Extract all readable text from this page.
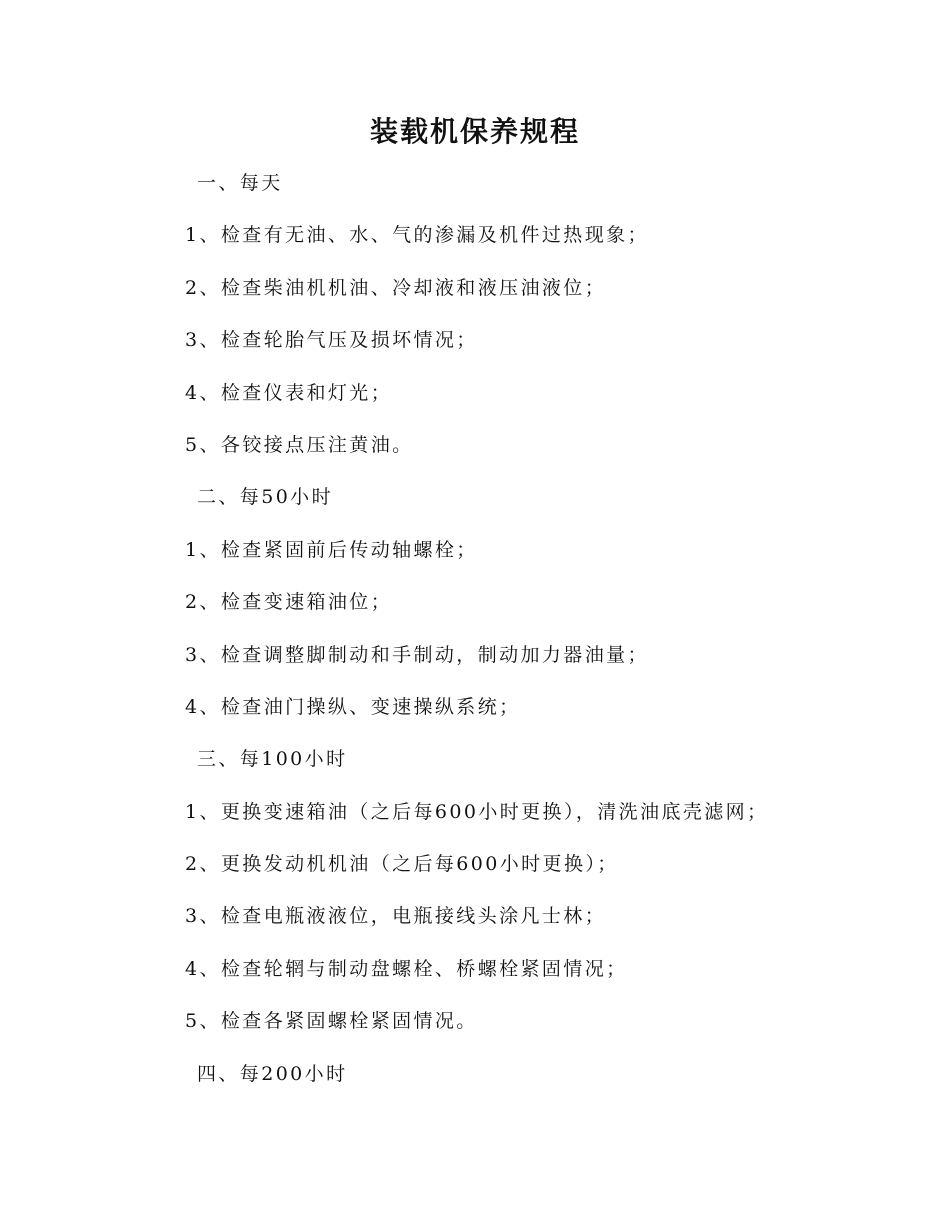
装载机保养规程
一、每天
1、检查有无油、水、气的渗漏及机件过热现象；
2、检查柴油机机油、冷却液和液压油液位；
3、检查轮胎气压及损坏情况；
4、检查仪表和灯光；
5、各铰接点压注黄油。
二、每50小时
1、检查紧固前后传动轴螺栓；
2、检查变速箱油位；
3、检查调整脚制动和手制动，制动加力器油量；
4、检查油门操纵、变速操纵系统；
三、每100小时
1、更换变速箱油（之后每600小时更换），清洗油底壳滤网；
2、更换发动机机油（之后每600小时更换）；
3、检查电瓶液液位，电瓶接线头涂凡士林；
4、检查轮辋与制动盘螺栓、桥螺栓紧固情况；
5、检查各紧固螺栓紧固情况。
四、每200小时
